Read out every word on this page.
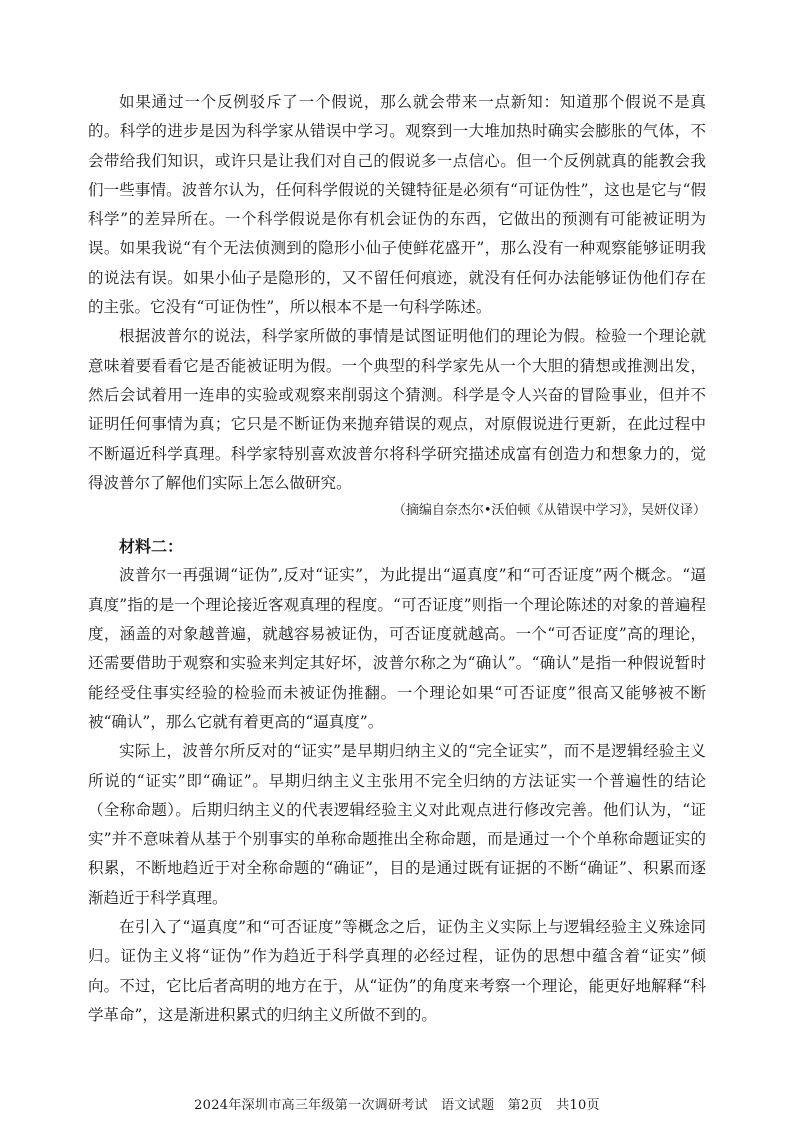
如果通过一个反例驳斥了一个假说，那么就会带来一点新知：知道那个假说不是真的。科学的进步是因为科学家从错误中学习。观察到一大堆加热时确实会膨胀的气体，不会带给我们知识，或许只是让我们对自己的假说多一点信心。但一个反例就真的能教会我们一些事情。波普尔认为，任何科学假说的关键特征是必须有“可证伪性”，这也是它与“假科学”的差异所在。一个科学假说是你有机会证伪的东西，它做出的预测有可能被证明为误。如果我说“有个无法侦测到的隐形小仙子使鲜花盛开”，那么没有一种观察能够证明我的说法有误。如果小仙子是隐形的，又不留任何痕迹，就没有任何办法能够证伪他们存在的主张。它没有“可证伪性”，所以根本不是一句科学陈述。

根据波普尔的说法，科学家所做的事情是试图证明他们的理论为假。检验一个理论就意味着要看看它是否能被证明为假。一个典型的科学家先从一个大胆的猜想或推测出发，然后会试着用一连串的实验或观察来削弱这个猜测。科学是令人兴奋的冒险事业，但并不证明任何事情为真；它只是不断证伪来抛弃错误的观点，对原假说进行更新，在此过程中不断逼近科学真理。科学家特别喜欢波普尔将科学研究描述成富有创造力和想象力的，觉得波普尔了解他们实际上怎么做研究。

（摘编自奈杰尔•沃伯顿《从错误中学习》，吴妍仪译）

材料二：

波普尔一再强调“证伪”,反对“证实”，为此提出“逼真度”和“可否证度”两个概念。“逼真度”指的是一个理论接近客观真理的程度。“可否证度”则指一个理论陈述的对象的普遍程度，涵盖的对象越普遍，就越容易被证伪，可否证度就越高。一个“可否证度”高的理论，还需要借助于观察和实验来判定其好坏，波普尔称之为“确认”。“确认”是指一种假说暂时能经受住事实经验的检验而未被证伪推翻。一个理论如果“可否证度”很高又能够被不断被“确认”，那么它就有着更高的“逼真度”。

实际上，波普尔所反对的“证实”是早期归纳主义的“完全证实”，而不是逻辑经验主义所说的“证实”即“确证”。早期归纳主义主张用不完全归纳的方法证实一个普遍性的结论（全称命题）。后期归纳主义的代表逻辑经验主义对此观点进行修改完善。他们认为，“证实”并不意味着从基于个别事实的单称命题推出全称命题，而是通过一个个单称命题证实的积累，不断地趋近于对全称命题的“确证”，目的是通过既有证据的不断“确证”、积累而逐渐趋近于科学真理。

在引入了“逼真度”和“可否证度”等概念之后，证伪主义实际上与逻辑经验主义殊途同归。证伪主义将“证伪”作为趋近于科学真理的必经过程，证伪的思想中蕴含着“证实”倾向。不过，它比后者高明的地方在于，从“证伪”的角度来考察一个理论，能更好地解释“科学革命”，这是渐进积累式的归纳主义所做不到的。

2024年深圳市高三年级第一次调研考试　语文试题　第2页　共10页
